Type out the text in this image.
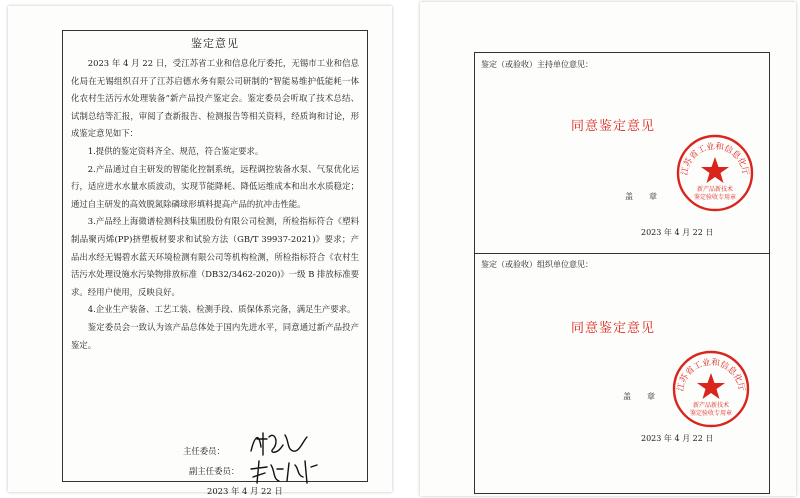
鉴定意见

2023 年 4 月 22 日，受江苏省工业和信息化厅委托，无锡市工业和信息化局在无锡组织召开了江苏启德水务有限公司研制的“智能易维护低能耗一体化农村生活污水处理装备”新产品投产鉴定会。鉴定委员会听取了技术总结、试制总结等汇报，审阅了查新报告、检测报告等相关资料，经质询和讨论，形成鉴定意见如下：

1.提供的鉴定资料齐全、规范，符合鉴定要求。

2.产品通过自主研发的智能化控制系统，远程调控装备水泵、气泵优化运行，适应进水水量水质波动，实现节能降耗、降低运维成本和出水水质稳定；通过自主研发的高效脱氮除磷球形填料提高产品的抗冲击性能。

3.产品经上海微谱检测科技集团股份有限公司检测，所检指标符合《塑料制品聚丙烯(PP)挤塑板材要求和试验方法（GB/T 39937-2021)》要求；产品出水经无锡碧水蓝天环境检测有限公司等机构检测，所检指标符合《农村生活污水处理设施水污染物排放标准（DB32/3462-2020)》一级 B 排放标准要求。经用户使用，反映良好。

4.企业生产装备、工艺工装、检测手段、质保体系完备，满足生产要求。

鉴定委员会一致认为该产品总体处于国内先进水平，同意通过新产品投产鉴定。

主任委员：
副主任委员：
2023 年 4 月 22 日
鉴定（或验收）主持单位意见：
同意鉴定意见
盖　　章
2023 年 4 月 22 日
江苏省工业和信息化厅
新产品新技术
鉴定验收专用章
鉴定（或验收）组织单位意见：
同意鉴定意见
盖　　章
2023 年 4 月 22 日
江苏省工业和信息化厅
新产品新技术
鉴定验收专用章
